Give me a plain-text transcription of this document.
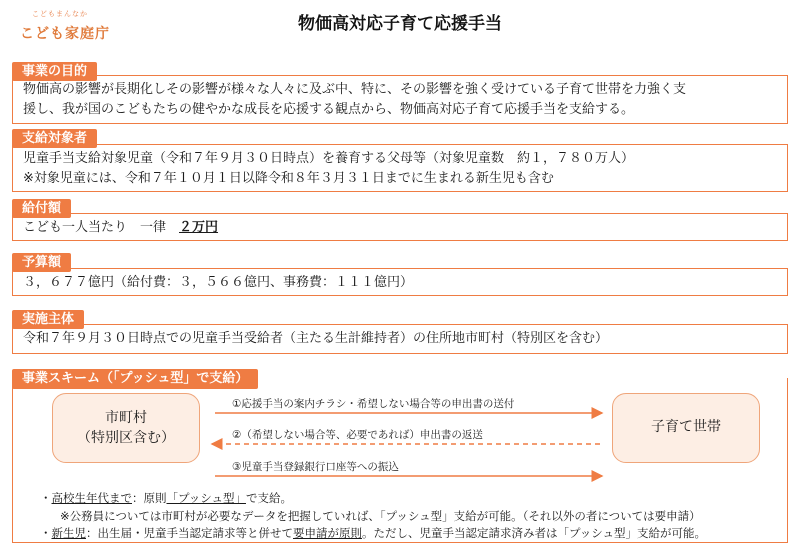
こどもまんなか
こども家庭庁	物価高対応子育て応援手当

物価高の影響が長期化しその影響が様々な人々に及ぶ中、特に、その影響を強く受けている子育て世帯を力強く支

援し、我が国のこどもたちの健やかな成長を応援する観点から、物価高対応子育て応援手当を支給する。

事業の目的

児童手当支給対象児童（令和７年９月３０日時点）を養育する父母等（対象児童数　約１，７８０万人）

※対象児童には、令和７年１０月１日以降令和８年３月３１日までに生まれる新生児も含む

支給対象者

こども一人当たり　一律　２万円

給付額

３，６７７億円（給付費：３，５６６億円、事務費：１１１億円）

予算額

令和７年９月３０日時点での児童手当受給者（主たる生計維持者）の住所地市町村（特別区を含む）

実施主体
事業スキーム（「プッシュ型」で支給）

市町村

（特別区含む）

子育て世帯
①応援手当の案内チラシ・希望しない場合等の申出書の送付
②（希望しない場合等、必要であれば）申出書の返送
③児童手当登録銀行口座等への振込
・高校生年代まで：原則「プッシュ型」で支給。
※公務員については市町村が必要なデータを把握していれば、「プッシュ型」支給が可能。（それ以外の者については要申請）
・新生児：出生届・児童手当認定請求等と併せて要申請が原則。ただし、児童手当認定請求済み者は「プッシュ型」支給が可能。
